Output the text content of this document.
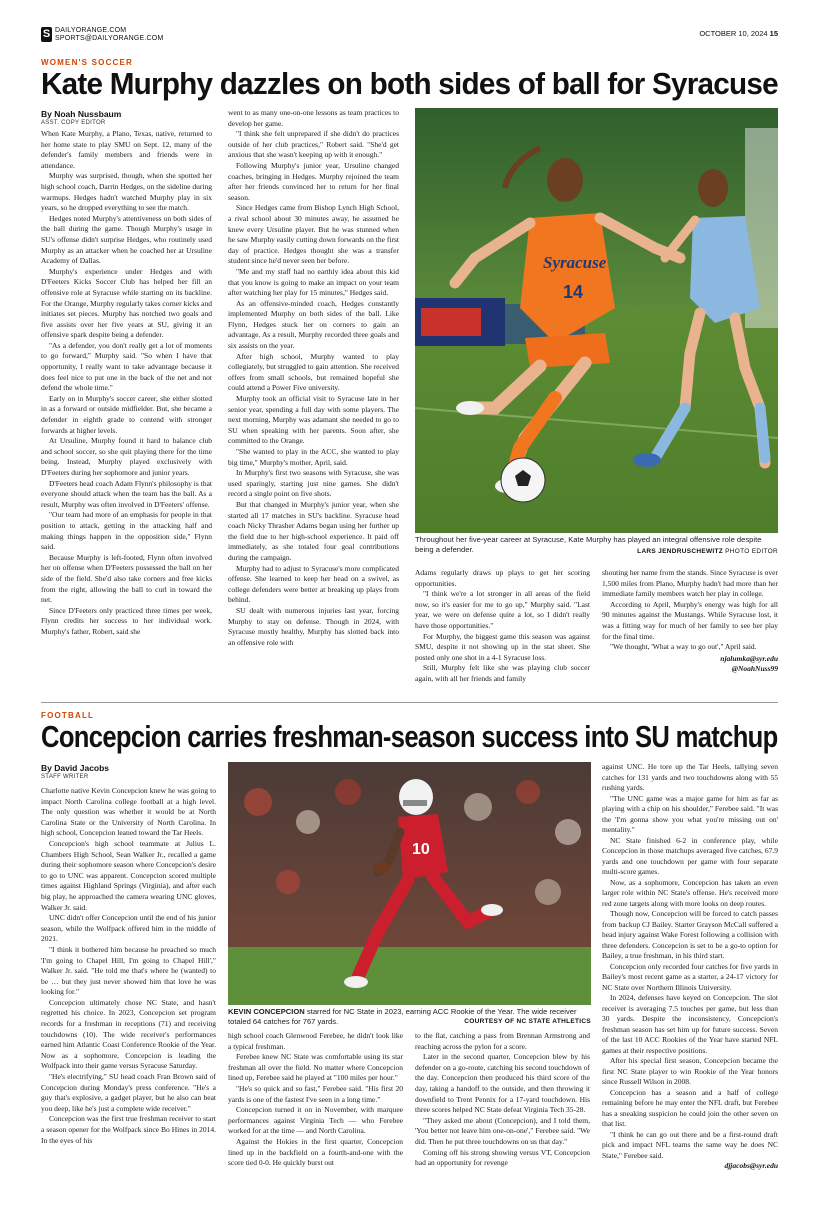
S DAILYORANGE.COM
SPORTS@DAILYORANGE.COM
OCTOBER 10, 2024 15
WOMEN'S SOCCER
Kate Murphy dazzles on both sides of ball for Syracuse
By Noah Nussbaum
ASST. COPY EDITOR

When Kate Murphy, a Plano, Texas, native, returned to her home state to play SMU on Sept. 12, many of the defender's family members and friends were in attendance.

Murphy was surprised, though, when she spotted her high school coach, Darrin Hedges, on the sideline during warmups. Hedges hadn't watched Murphy play in six years, so he dropped everything to see the match.

Hedges noted Murphy's attentiveness on both sides of the ball during the game. Though Murphy's usage in SU's offense didn't surprise Hedges, who routinely used Murphy as an attacker when he coached her at Ursuline Academy of Dallas.

Murphy's experience under Hedges and with D'Feeters Kicks Soccer Club has helped her fill an offensive role at Syracuse while starting on its backline. For the Orange, Murphy regularly takes corner kicks and initiates set pieces. Murphy has notched two goals and five assists over her five years at SU, giving it an offensive spark despite being a defender.

"As a defender, you don't really get a lot of moments to go forward," Murphy said. "So when I have that opportunity, I really want to take advantage because it does feel nice to put one in the back of the net and not defend the whole time."

Early on in Murphy's soccer career, she either slotted in as a forward or outside midfielder. But, she became a defender in eighth grade to contend with stronger forwards at higher levels.

At Ursuline, Murphy found it hard to balance club and school soccer, so she quit playing there for the time being. Instead, Murphy played exclusively with D'Feeters during her sophomore and junior years.

D'Feeters head coach Adam Flynn's philosophy is that everyone should attack when the team has the ball. As a result, Murphy was often involved in D'Feeters' offense.

"Our team had more of an emphasis for people in that position to attack, getting in the attacking half and making things happen in the opposition side," Flynn said.

Because Murphy is left-footed, Flynn often involved her on offense when D'Feeters possessed the ball on her side of the field. She'd also take corners and free kicks from the right, allowing the ball to curl in toward the net.

Since D'Feeters only practiced three times per week, Flynn credits her success to her individual work. Murphy's father, Robert, said she

went to as many one-on-one lessons as team practices to develop her game.

"I think she felt unprepared if she didn't do practices outside of her club practices," Robert said. "She'd get anxious that she wasn't keeping up with it enough."

Following Murphy's junior year, Ursuline changed coaches, bringing in Hedges. Murphy rejoined the team after her friends convinced her to return for her final season.

Since Hedges came from Bishop Lynch High School, a rival school about 30 minutes away, he assumed he knew every Ursuline player. But he was stunned when he saw Murphy easily cutting down forwards on the first day of practice. Hedges thought she was a transfer student since he'd never seen her before.

"Me and my staff had no earthly idea about this kid that you know is going to make an impact on your team after watching her play for 15 minutes," Hedges said.

As an offensive-minded coach, Hedges constantly implemented Murphy on both sides of the ball. Like Flynn, Hedges stuck her on corners to gain an advantage. As a result, Murphy recorded three goals and six assists on the year.

After high school, Murphy wanted to play collegiately, but struggled to gain attention. She received offers from small schools, but remained hopeful she could attend a Power Five university.

Murphy took an official visit to Syracuse late in her senior year, spending a full day with some players. The next morning, Murphy was adamant she needed to go to SU when speaking with her parents. Soon after, she committed to the Orange.

"She wanted to play in the ACC, she wanted to play big time," Murphy's mother, April, said.

In Murphy's first two seasons with Syracuse, she was used sparingly, starting just nine games. She didn't record a single point on five shots.

But that changed in Murphy's junior year, when she started all 17 matches in SU's backline. Syracuse head coach Nicky Thrasher Adams began using her further up the field due to her high-school experience. It paid off immediately, as she totaled four goal contributions during the campaign.

Murphy had to adjust to Syracuse's more complicated offense. She learned to keep her head on a swivel, as college defenders were better at breaking up plays from behind.

SU dealt with numerous injuries last year, forcing Murphy to stay on defense. Though in 2024, with Syracuse mostly healthy, Murphy has slotted back into an offensive role with

Syracuse
14
Throughout her five-year career at Syracuse, Kate Murphy has played an integral offensive role despite being a defender.	LARS JENDRUSCHEWITZ PHOTO EDITOR

Adams regularly draws up plays to get her scoring opportunities.

"I think we're a lot stronger in all areas of the field now, so it's easier for me to go up," Murphy said. "Last year, we were on defense quite a lot, so I didn't really have those opportunities."

For Murphy, the biggest game this season was against SMU, despite it not showing up in the stat sheet. She posted only one shot in a 4-1 Syracuse loss.

Still, Murphy felt like she was playing club soccer again, with all her friends and family

shouting her name from the stands. Since Syracuse is over 1,500 miles from Plano, Murphy hadn't had more than her immediate family members watch her play in college.

According to April, Murphy's energy was high for all 90 minutes against the Mustangs. While Syracuse lost, it was a fitting way for much of her family to see her play for the final time.

"We thought, 'What a way to go out'," April said.

njalumka@syr.edu
@NoahNuss99
FOOTBALL
Concepcion carries freshman-season success into SU matchup
By David Jacobs
STAFF WRITER

Charlotte native Kevin Concepcion knew he was going to impact North Carolina college football at a high level. The only question was whether it would be at North Carolina State or the University of North Carolina. In high school, Concepcion leaned toward the Tar Heels.

Concepcion's high school teammate at Julius L. Chambers High School, Sean Walker Jr., recalled a game during their sophomore season where Concepcion's desire to go to UNC was apparent. Concepcion scored multiple times against Highland Springs (Virginia), and after each big play, he approached the camera wearing UNC gloves, Walker Jr. said.

UNC didn't offer Concepcion until the end of his junior season, while the Wolfpack offered him in the middle of 2021.

"I think it bothered him because he preached so much 'I'm going to Chapel Hill, I'm going to Chapel Hill'," Walker Jr. said. "He told me that's where he (wanted) to be … but they just never showed him that love he was looking for."

Concepcion ultimately chose NC State, and hasn't regretted his choice. In 2023, Concepcion set program records for a freshman in receptions (71) and receiving touchdowns (10). The wide receiver's performances earned him Atlantic Coast Conference Rookie of the Year. Now as a sophomore, Concepcion is leading the Wolfpack into their game versus Syracuse Saturday.

"He's electrifying," SU head coach Fran Brown said of Concepcion during Monday's press conference. "He's a guy that's explosive, a gadget player, but he also can beat you deep, like he's just a complete wide receiver."

Concepcion was the first true freshman receiver to start a season opener for the Wolfpack since Bo Hines in 2014. In the eyes of his

10
KEVIN CONCEPCION starred for NC State in 2023, earning ACC Rookie of the Year. The wide receiver totaled 64 catches for 767 yards.	COURTESY OF NC STATE ATHLETICS

high school coach Glenwood Ferebee, he didn't look like a typical freshman.

Ferebee knew NC State was comfortable using its star freshman all over the field. No matter where Concepcion lined up, Ferebee said he played at "100 miles per hour."

"He's so quick and so fast," Ferebee said. "His first 20 yards is one of the fastest I've seen in a long time."

Concepcion turned it on in November, with marquee performances against Virginia Tech — who Ferebee worked for at the time — and North Carolina.

Against the Hokies in the first quarter, Concepcion lined up in the backfield on a fourth-and-one with the score tied 0-0. He quickly burst out

to the flat, catching a pass from Brennan Armstrong and reaching across the pylon for a score.

Later in the second quarter, Concepcion blew by his defender on a go-route, catching his second touchdown of the day. Concepcion then produced his third score of the day, taking a handoff to the outside, and then throwing it downfield to Trent Pennix for a 17-yard touchdown. His three scores helped NC State defeat Virginia Tech 35-28.

"They asked me about (Concepcion), and I told them, 'You better not leave him one-on-one'," Ferebee said. "We did. Then he put three touchdowns on us that day."

Coming off his strong showing versus VT, Concepcion had an opportunity for revenge

against UNC. He tore up the Tar Heels, tallying seven catches for 131 yards and two touchdowns along with 55 rushing yards.

"The UNC game was a major game for him as far as playing with a chip on his shoulder," Ferebee said. "It was the 'I'm gonna show you what you're missing out on' mentality."

NC State finished 6-2 in conference play, while Concepcion in those matchups averaged five catches, 67.9 yards and one touchdown per game with four separate multi-score games.

Now, as a sophomore, Concepcion has taken an even larger role within NC State's offense. He's received more red zone targets along with more looks on deep routes.

Though now, Concepcion will be forced to catch passes from backup CJ Bailey. Starter Grayson McCall suffered a head injury against Wake Forest following a collision with three defenders. Concepcion is set to be a go-to option for Bailey, a true freshman, in his third start.

Concepcion only recorded four catches for five yards in Bailey's most recent game as a starter, a 24-17 victory for NC State over Northern Illinois University.

In 2024, defenses have keyed on Concepcion. The slot receiver is averaging 7.5 touches per game, but less than 30 yards. Despite the inconsistency, Concepcion's freshman season has set him up for future success. Seven of the last 10 ACC Rookies of the Year have started NFL games at their respective positions.

After his special first season, Concepcion became the first NC State player to win Rookie of the Year honors since Russell Wilson in 2008.

Concepcion has a season and a half of college remaining before he may enter the NFL draft, but Ferebee has a sneaking suspicion he could join the other seven on that list.

"I think he can go out there and be a first-round draft pick and impact NFL teams the same way he does NC State," Ferebee said.

djjacobs@syr.edu
